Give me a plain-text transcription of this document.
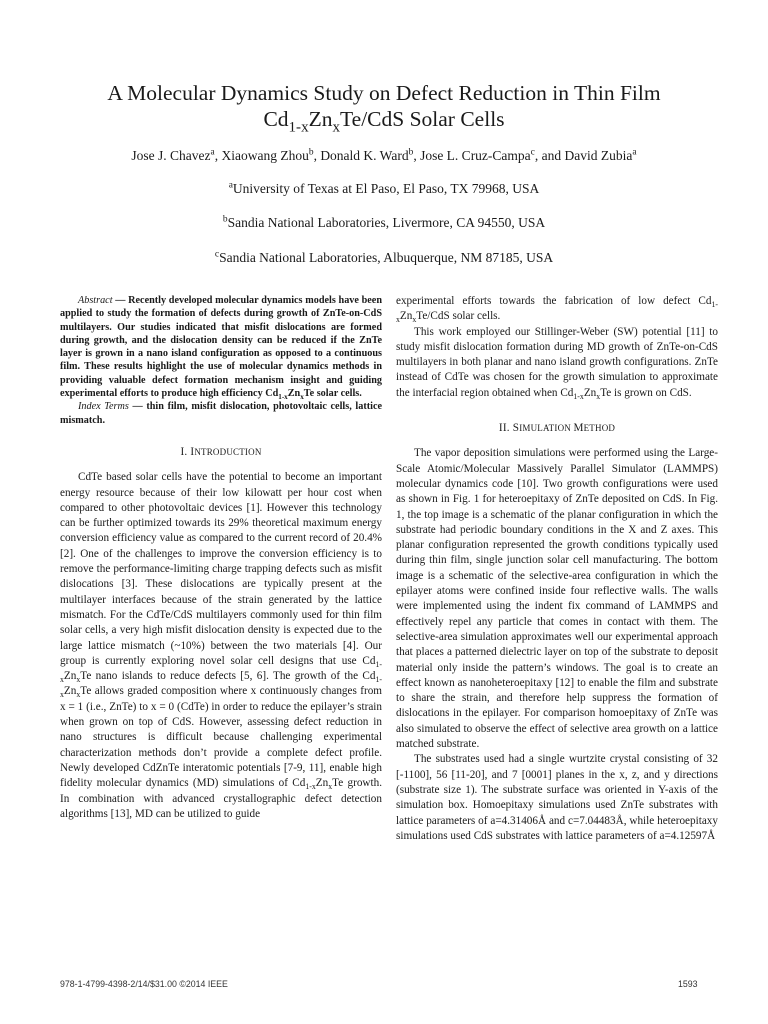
A Molecular Dynamics Study on Defect Reduction in Thin Film
$Cd_{1-x}Zn_xTe$/CdS Solar Cells
Jose J. Chavez$^a$, Xiaowang Zhou$^b$, Donald K. Ward$^b$, Jose L. Cruz-Campa$^c$, and David Zubia$^a$
$^a$University of Texas at El Paso, El Paso, TX 79968, USA
$^b$Sandia National Laboratories, Livermore, CA 94550, USA
$^c$Sandia National Laboratories, Albuquerque, NM 87185, USA

Abstract — Recently developed molecular dynamics models have been applied to study the formation of defects during growth of ZnTe-on-CdS multilayers. Our studies indicated that misfit dislocations are formed during growth, and the dislocation density can be reduced if the ZnTe layer is grown in a nano island configuration as opposed to a continuous film. These results highlight the use of molecular dynamics methods in providing valuable defect formation mechanism insight and guiding experimental efforts to produce high efficiency $Cd_{1-x}Zn_xTe$ solar cells.

Index Terms — thin film, misfit dislocation, photovoltaic cells, lattice mismatch.

I. INTRODUCTION

CdTe based solar cells have the potential to become an important energy resource because of their low kilowatt per hour cost when compared to other photovoltaic devices [1]. However this technology can be further optimized towards its 29% theoretical maximum energy conversion efficiency value as compared to the current record of 20.4% [2]. One of the challenges to improve the conversion efficiency is to remove the performance-limiting charge trapping defects such as misfit dislocations [3]. These dislocations are typically present at the multilayer interfaces because of the strain generated by the lattice mismatch. For the CdTe/CdS multilayers commonly used for thin film solar cells, a very high misfit dislocation density is expected due to the large lattice mismatch (~10%) between the two materials [4]. Our group is currently exploring novel solar cell designs that use $Cd_{1-x}Zn_xTe$ nano islands to reduce defects [5, 6]. The growth of the $Cd_{1-x}Zn_xTe$ allows graded composition where x continuously changes from x = 1 (i.e., ZnTe) to x = 0 (CdTe) in order to reduce the epilayer’s strain when grown on top of CdS. However, assessing defect reduction in nano structures is difficult because challenging experimental characterization methods don’t provide a complete defect profile. Newly developed CdZnTe interatomic potentials [7-9, 11], enable high fidelity molecular dynamics (MD) simulations of $Cd_{1-x}Zn_xTe$ growth. In combination with advanced crystallographic defect detection algorithms [13], MD can be utilized to guide

experimental efforts towards the fabrication of low defect $Cd_{1-x}Zn_xTe$/CdS solar cells.

This work employed our Stillinger-Weber (SW) potential [11] to study misfit dislocation formation during MD growth of ZnTe-on-CdS multilayers in both planar and nano island growth configurations. ZnTe instead of CdTe was chosen for the growth simulation to approximate the interfacial region obtained when $Cd_{1-x}Zn_xTe$ is grown on CdS.

II. SIMULATION METHOD

The vapor deposition simulations were performed using the Large-Scale Atomic/Molecular Massively Parallel Simulator (LAMMPS) molecular dynamics code [10]. Two growth configurations were used as shown in Fig. 1 for heteroepitaxy of ZnTe deposited on CdS. In Fig. 1, the top image is a schematic of the planar configuration in which the substrate had periodic boundary conditions in the X and Z axes. This planar configuration represented the growth conditions typically used during thin film, single junction solar cell manufacturing. The bottom image is a schematic of the selective-area configuration in which the epilayer atoms were confined inside four reflective walls. The walls were implemented using the indent fix command of LAMMPS and effectively repel any particle that comes in contact with them. The selective-area simulation approximates well our experimental approach that places a patterned dielectric layer on top of the substrate to deposit material only inside the pattern’s windows. The goal is to create an effect known as nanoheteroepitaxy [12] to enable the film and substrate to share the strain, and therefore help suppress the formation of dislocations in the epilayer. For comparison homoepitaxy of ZnTe was also simulated to observe the effect of selective area growth on a lattice matched substrate.

The substrates used had a single wurtzite crystal consisting of 32 [-1100], 56 [11-20], and 7 [0001] planes in the x, z, and y directions (substrate size 1). The substrate surface was oriented in Y-axis of the simulation box. Homoepitaxy simulations used ZnTe substrates with lattice parameters of a=4.31406Å and c=7.04483Å, while heteroepitaxy simulations used CdS substrates with lattice parameters of a=4.12597Å

978-1-4799-4398-2/14/$31.00 ©2014 IEEE	1593
